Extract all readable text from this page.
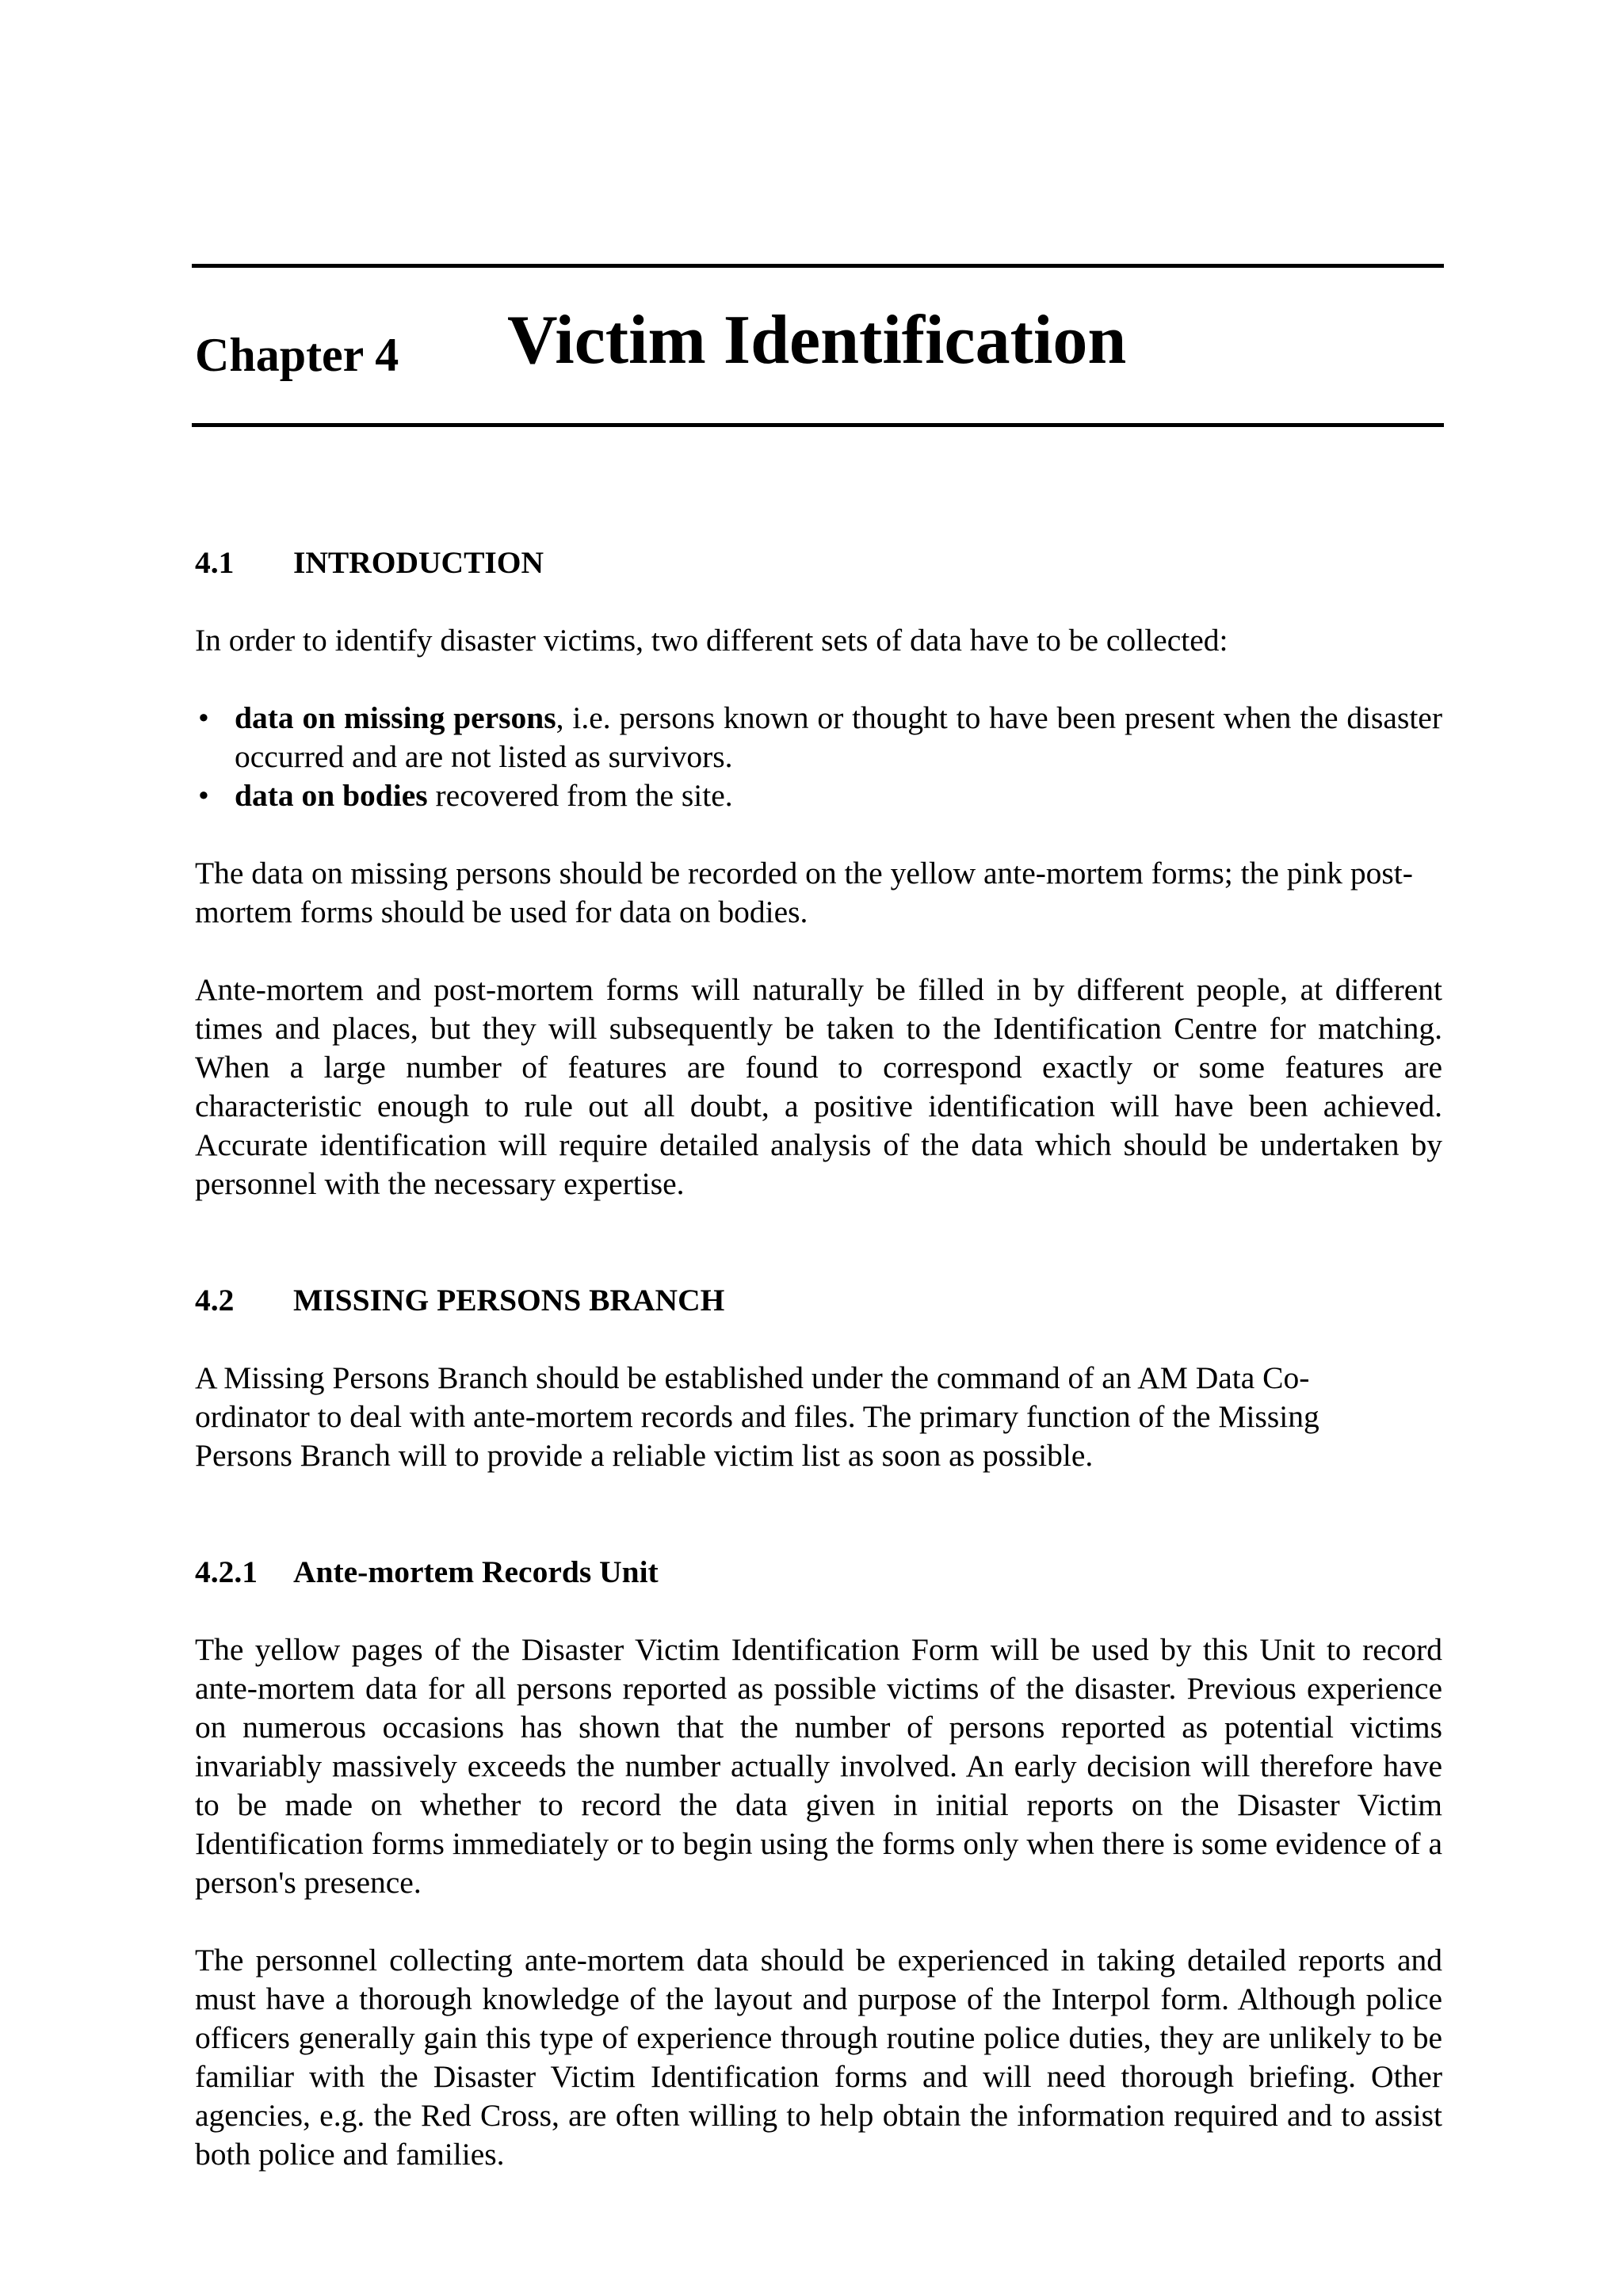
Chapter 4 Victim Identification
4.1 INTRODUCTION

In order to identify disaster victims, two different sets of data have to be collected:

• data on missing persons, i.e. persons known or thought to have been present when the disaster occurred and are not listed as survivors.
• data on bodies recovered from the site.

The data on missing persons should be recorded on the yellow ante-mortem forms; the pink post-mortem forms should be used for data on bodies.

Ante-mortem and post-mortem forms will naturally be filled in by different people, at different times and places, but they will subsequently be taken to the Identification Centre for matching. When a large number of features are found to correspond exactly or some features are characteristic enough to rule out all doubt, a positive identification will have been achieved. Accurate identification will require detailed analysis of the data which should be undertaken by personnel with the necessary expertise.

4.2 MISSING PERSONS BRANCH

A Missing Persons Branch should be established under the command of an AM Data Co-ordinator to deal with ante-mortem records and files. The primary function of the Missing Persons Branch will to provide a reliable victim list as soon as possible.

4.2.1 Ante-mortem Records Unit

The yellow pages of the Disaster Victim Identification Form will be used by this Unit to record ante-mortem data for all persons reported as possible victims of the disaster. Previous experience on numerous occasions has shown that the number of persons reported as potential victims invariably massively exceeds the number actually involved. An early decision will therefore have to be made on whether to record the data given in initial reports on the Disaster Victim Identification forms immediately or to begin using the forms only when there is some evidence of a person's presence.

The personnel collecting ante-mortem data should be experienced in taking detailed reports and must have a thorough knowledge of the layout and purpose of the Interpol form. Although police officers generally gain this type of experience through routine police duties, they are unlikely to be familiar with the Disaster Victim Identification forms and will need thorough briefing. Other agencies, e.g. the Red Cross, are often willing to help obtain the information required and to assist both police and families.
